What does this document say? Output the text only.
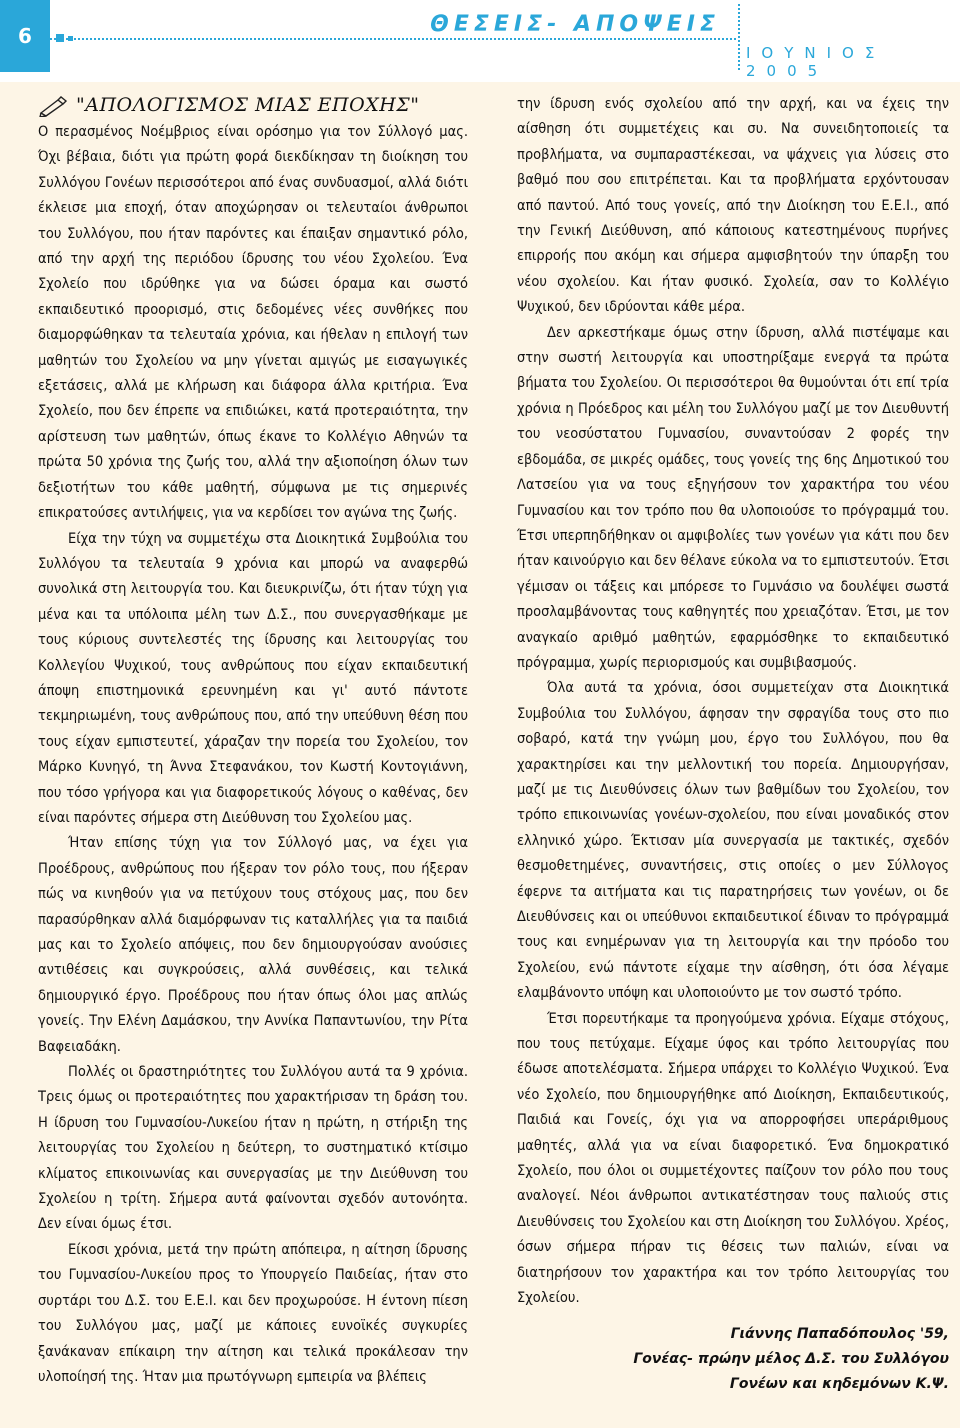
6	ΘΕΣΕΙΣ- ΑΠΟΨΕΙΣ
ΙΟΥΝΙΟΣ 2005
"ΑΠΟΛΟΓΙΣΜΟΣ ΜΙΑΣ ΕΠΟΧΗΣ"

Ο περασμένος Νοέμβριος είναι ορόσημο για τον Σύλλογό μας. Όχι βέβαια, διότι για πρώτη φορά διεκδίκησαν τη διοίκηση του Συλλόγου Γονέων περισσότεροι από ένας συνδυασμοί, αλλά διότι έκλεισε μια εποχή, όταν αποχώρησαν οι τελευταίοι άνθρωποι του Συλλόγου, που ήταν παρόντες και έπαιξαν σημαντικό ρόλο, από την αρχή της περιόδου ίδρυσης του νέου Σχολείου. Ένα Σχολείο που ιδρύθηκε για να δώσει όραμα και σωστό εκπαιδευτικό προορισμό, στις δεδομένες νέες συνθήκες που διαμορφώθηκαν τα τελευταία χρόνια, και ήθελαν η επιλογή των μαθητών του Σχολείου να μην γίνεται αμιγώς με εισαγωγικές εξετάσεις, αλλά με κλήρωση και διάφορα άλλα κριτήρια. Ένα Σχολείο, που δεν έπρεπε να επιδιώκει, κατά προτεραιότητα, την αρίστευση των μαθητών, όπως έκανε το Κολλέγιο Αθηνών τα πρώτα 50 χρόνια της ζωής του, αλλά την αξιοποίηση όλων των δεξιοτήτων του κάθε μαθητή, σύμφωνα με τις σημερινές επικρατούσες αντιλήψεις, για να κερδίσει τον αγώνα της ζωής.

Είχα την τύχη να συμμετέχω στα Διοικητικά Συμβούλια του Συλλόγου τα τελευταία 9 χρόνια και μπορώ να αναφερθώ συνολικά στη λειτουργία του. Και διευκρινίζω, ότι ήταν τύχη για μένα και τα υπόλοιπα μέλη των Δ.Σ., που συνεργασθήκαμε με τους κύριους συντελεστές της ίδρυσης και λειτουργίας του Κολλεγίου Ψυχικού, τους ανθρώπους που είχαν εκπαιδευτική άποψη επιστημονικά ερευνημένη και γι' αυτό πάντοτε τεκμηριωμένη, τους ανθρώπους που, από την υπεύθυνη θέση που τους είχαν εμπιστευτεί, χάραζαν την πορεία του Σχολείου, τον Μάρκο Κυνηγό, τη Άννα Στεφανάκου, τον Κωστή Κοντογιάννη, που τόσο γρήγορα και για διαφορετικούς λόγους ο καθένας, δεν είναι παρόντες σήμερα στη Διεύθυνση του Σχολείου μας.

Ήταν επίσης τύχη για τον Σύλλογό μας, να έχει για Προέδρους, ανθρώπους που ήξεραν τον ρόλο τους, που ήξεραν πώς να κινηθούν για να πετύχουν τους στόχους μας, που δεν παρασύρθηκαν αλλά διαμόρφωναν τις καταλλήλες για τα παιδιά μας και το Σχολείο απόψεις, που δεν δημιουργούσαν ανούσιες αντιθέσεις και συγκρούσεις, αλλά συνθέσεις, και τελικά δημιουργικό έργο. Προέδρους που ήταν όπως όλοι μας απλώς γονείς. Την Ελένη Δαμάσκου, την Αννίκα Παπαντωνίου, την Ρίτα Βαφειαδάκη.

Πολλές οι δραστηριότητες του Συλλόγου αυτά τα 9 χρόνια. Τρεις όμως οι προτεραιότητες που χαρακτήρισαν τη δράση του. Η ίδρυση του Γυμνασίου-Λυκείου ήταν η πρώτη, η στήριξη της λειτουργίας του Σχολείου η δεύτερη, το συστηματικό κτίσιμο κλίματος επικοινωνίας και συνεργασίας με την Διεύθυνση του Σχολείου η τρίτη. Σήμερα αυτά φαίνονται σχεδόν αυτονόητα. Δεν είναι όμως έτσι.

Είκοσι χρόνια, μετά την πρώτη απόπειρα, η αίτηση ίδρυσης του Γυμνασίου-Λυκείου προς το Υπουργείο Παιδείας, ήταν στο συρτάρι του Δ.Σ. του Ε.Ε.Ι. και δεν προχωρούσε. Η έντονη πίεση του Συλλόγου μας, μαζί με κάποιες ευνοϊκές συγκυρίες ξανάκαναν επίκαιρη την αίτηση και τελικά προκάλεσαν την υλοποίησή της. Ήταν μια πρωτόγνωρη εμπειρία να βλέπεις

την ίδρυση ενός σχολείου από την αρχή, και να έχεις την αίσθηση ότι συμμετέχεις και συ. Να συνειδητοποιείς τα προβλήματα, να συμπαραστέκεσαι, να ψάχνεις για λύσεις στο βαθμό που σου επιτρέπεται. Και τα προβλήματα ερχόντουσαν από παντού. Από τους γονείς, από την Διοίκηση του Ε.Ε.Ι., από την Γενική Διεύθυνση, από κάποιους κατεστημένους πυρήνες επιρροής που ακόμη και σήμερα αμφισβητούν την ύπαρξη του νέου σχολείου. Και ήταν φυσικό. Σχολεία, σαν το Κολλέγιο Ψυχικού, δεν ιδρύονται κάθε μέρα.

Δεν αρκεστήκαμε όμως στην ίδρυση, αλλά πιστέψαμε και στην σωστή λειτουργία και υποστηρίξαμε ενεργά τα πρώτα βήματα του Σχολείου. Οι περισσότεροι θα θυμούνται ότι επί τρία χρόνια η Πρόεδρος και μέλη του Συλλόγου μαζί με τον Διευθυντή του νεοσύστατου Γυμνασίου, συναντούσαν 2 φορές την εβδομάδα, σε μικρές ομάδες, τους γονείς της 6ης Δημοτικού του Λατσείου για να τους εξηγήσουν τον χαρακτήρα του νέου Γυμνασίου και τον τρόπο που θα υλοποιούσε το πρόγραμμά του. Έτσι υπερπηδήθηκαν οι αμφιβολίες των γονέων για κάτι που δεν ήταν καινούργιο και δεν θέλανε εύκολα να το εμπιστευτούν. Έτσι γέμισαν οι τάξεις και μπόρεσε το Γυμνάσιο να δουλέψει σωστά προσλαμβάνοντας τους καθηγητές που χρειαζόταν. Έτσι, με τον αναγκαίο αριθμό μαθητών, εφαρμόσθηκε το εκπαιδευτικό πρόγραμμα, χωρίς περιορισμούς και συμβιβασμούς.

Όλα αυτά τα χρόνια, όσοι συμμετείχαν στα Διοικητικά Συμβούλια του Συλλόγου, άφησαν την σφραγίδα τους στο πιο σοβαρό, κατά την γνώμη μου, έργο του Συλλόγου, που θα χαρακτηρίσει και την μελλοντική του πορεία. Δημιουργήσαν, μαζί με τις Διευθύνσεις όλων των βαθμίδων του Σχολείου, τον τρόπο επικοινωνίας γονέων-σχολείου, που είναι μοναδικός στον ελληνικό χώρο. Έκτισαν μία συνεργασία με τακτικές, σχεδόν θεσμοθετημένες, συναντήσεις, στις οποίες ο μεν Σύλλογος έφερνε τα αιτήματα και τις παρατηρήσεις των γονέων, οι δε Διευθύνσεις και οι υπεύθυνοι εκπαιδευτικοί έδιναν το πρόγραμμά τους και ενημέρωναν για τη λειτουργία και την πρόοδο του Σχολείου, ενώ πάντοτε είχαμε την αίσθηση, ότι όσα λέγαμε ελαμβάνοντο υπόψη και υλοποιούντο με τον σωστό τρόπο.

Έτσι πορευτήκαμε τα προηγούμενα χρόνια. Είχαμε στόχους, που τους πετύχαμε. Είχαμε ύφος και τρόπο λειτουργίας που έδωσε αποτελέσματα. Σήμερα υπάρχει το Κολλέγιο Ψυχικού. Ένα νέο Σχολείο, που δημιουργήθηκε από Διοίκηση, Εκπαιδευτικούς, Παιδιά και Γονείς, όχι για να απορροφήσει υπεράριθμους μαθητές, αλλά για να είναι διαφορετικό. Ένα δημοκρατικό Σχολείο, που όλοι οι συμμετέχοντες παίζουν τον ρόλο που τους αναλογεί. Νέοι άνθρωποι αντικατέστησαν τους παλιούς στις Διευθύνσεις του Σχολείου και στη Διοίκηση του Συλλόγου. Χρέος, όσων σήμερα πήραν τις θέσεις των παλιών, είναι να διατηρήσουν τον χαρακτήρα και τον τρόπο λειτουργίας του Σχολείου.

Γιάννης Παπαδόπουλος '59,
Γονέας- πρώην μέλος Δ.Σ. του Συλλόγου
Γονέων και κηδεμόνων Κ.Ψ.
